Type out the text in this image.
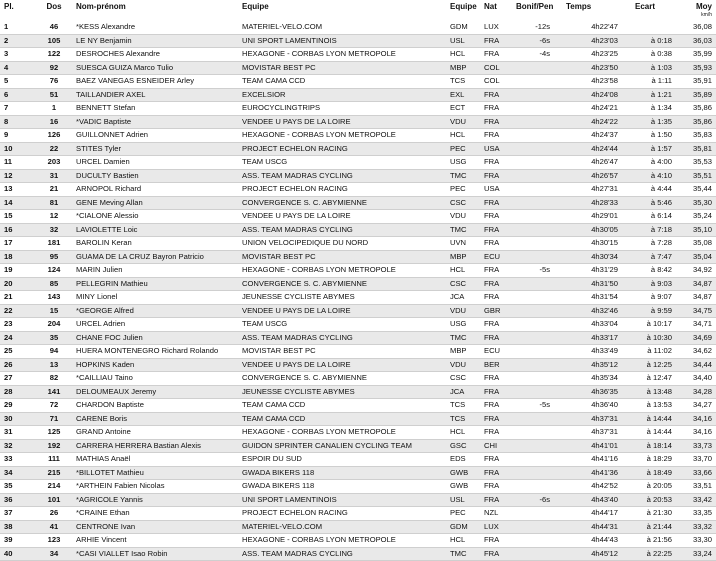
Pl.	Dos	Nom-prénom	Equipe	Equipe	Nat	Bonif/Pen	Temps	Ecart	Moy
km/h

1	46	*KESS Alexandre	MATERIEL-VELO.COM	GDM	LUX	-12s	4h22'47		36,08
2	105	LE NY Benjamin	UNI SPORT LAMENTINOIS	USL	FRA	-6s	4h23'03	à 0:18	36,03
3	122	DESROCHES Alexandre	HEXAGONE - CORBAS LYON METROPOLE	HCL	FRA	-4s	4h23'25	à 0:38	35,99
4	92	SUESCA GUIZA Marco Tulio	MOVISTAR BEST PC	MBP	COL		4h23'50	à 1:03	35,93
5	76	BAEZ VANEGAS ESNEIDER Arley	TEAM CAMA CCD	TCS	COL		4h23'58	à 1:11	35,91
6	51	TAILLANDIER AXEL	EXCELSIOR	EXL	FRA		4h24'08	à 1:21	35,89
7	1	BENNETT Stefan	EUROCYCLINGTRIPS	ECT	FRA		4h24'21	à 1:34	35,86
8	16	*VADIC Baptiste	VENDEE U PAYS DE LA LOIRE	VDU	FRA		4h24'22	à 1:35	35,86
9	126	GUILLONNET Adrien	HEXAGONE - CORBAS LYON METROPOLE	HCL	FRA		4h24'37	à 1:50	35,83
10	22	STITES Tyler	PROJECT ECHELON RACING	PEC	USA		4h24'44	à 1:57	35,81
11	203	URCEL Damien	TEAM USCG	USG	FRA		4h26'47	à 4:00	35,53
12	31	DUCULTY Bastien	ASS. TEAM MADRAS CYCLING	TMC	FRA		4h26'57	à 4:10	35,51
13	21	ARNOPOL Richard	PROJECT ECHELON RACING	PEC	USA		4h27'31	à 4:44	35,44
14	81	GENE Meving Allan	CONVERGENCE S. C. ABYMIENNE	CSC	FRA		4h28'33	à 5:46	35,30
15	12	*CIALONE Alessio	VENDEE U PAYS DE LA LOIRE	VDU	FRA		4h29'01	à 6:14	35,24
16	32	LAVIOLETTE Loic	ASS. TEAM MADRAS CYCLING	TMC	FRA		4h30'05	à 7:18	35,10
17	181	BAROLIN Keran	UNION VELOCIPEDIQUE DU NORD	UVN	FRA		4h30'15	à 7:28	35,08
18	95	GUAMA DE LA CRUZ Bayron Patricio	MOVISTAR BEST PC	MBP	ECU		4h30'34	à 7:47	35,04
19	124	MARIN Julien	HEXAGONE - CORBAS LYON METROPOLE	HCL	FRA	-5s	4h31'29	à 8:42	34,92
20	85	PELLEGRIN Mathieu	CONVERGENCE S. C. ABYMIENNE	CSC	FRA		4h31'50	à 9:03	34,87
21	143	MINY Lionel	JEUNESSE CYCLISTE ABYMES	JCA	FRA		4h31'54	à 9:07	34,87
22	15	*GEORGE Alfred	VENDEE U PAYS DE LA LOIRE	VDU	GBR		4h32'46	à 9:59	34,75
23	204	URCEL Adrien	TEAM USCG	USG	FRA		4h33'04	à 10:17	34,71
24	35	CHANE FOC Julien	ASS. TEAM MADRAS CYCLING	TMC	FRA		4h33'17	à 10:30	34,69
25	94	HUERA MONTENEGRO Richard Rolando	MOVISTAR BEST PC	MBP	ECU		4h33'49	à 11:02	34,62
26	13	HOPKINS Kaden	VENDEE U PAYS DE LA LOIRE	VDU	BER		4h35'12	à 12:25	34,44
27	82	*CAILLIAU Taino	CONVERGENCE S. C. ABYMIENNE	CSC	FRA		4h35'34	à 12:47	34,40
28	141	DELOUMEAUX Jeremy	JEUNESSE CYCLISTE ABYMES	JCA	FRA		4h36'35	à 13:48	34,28
29	72	CHARDON Baptiste	TEAM CAMA CCD	TCS	FRA	-5s	4h36'40	à 13:53	34,27
30	71	CARENE Boris	TEAM CAMA CCD	TCS	FRA		4h37'31	à 14:44	34,16
31	125	GRAND Antoine	HEXAGONE - CORBAS LYON METROPOLE	HCL	FRA		4h37'31	à 14:44	34,16
32	192	CARRERA HERRERA Bastian Alexis	GUIDON SPRINTER CANALIEN CYCLING TEAM	GSC	CHI		4h41'01	à 18:14	33,73
33	111	MATHIAS Anaël	ESPOIR DU SUD	EDS	FRA		4h41'16	à 18:29	33,70
34	215	*BILLOTET Mathieu	GWADA BIKERS 118	GWB	FRA		4h41'36	à 18:49	33,66
35	214	*ARTHEIN Fabien Nicolas	GWADA BIKERS 118	GWB	FRA		4h42'52	à 20:05	33,51
36	101	*AGRICOLE Yannis	UNI SPORT LAMENTINOIS	USL	FRA	-6s	4h43'40	à 20:53	33,42
37	26	*CRAINE Ethan	PROJECT ECHELON RACING	PEC	NZL		4h44'17	à 21:30	33,35
38	41	CENTRONE Ivan	MATERIEL-VELO.COM	GDM	LUX		4h44'31	à 21:44	33,32
39	123	ARHIE Vincent	HEXAGONE - CORBAS LYON METROPOLE	HCL	FRA		4h44'43	à 21:56	33,30
40	34	*CASI VIALLET Isao Robin	ASS. TEAM MADRAS CYCLING	TMC	FRA		4h45'12	à 22:25	33,24
